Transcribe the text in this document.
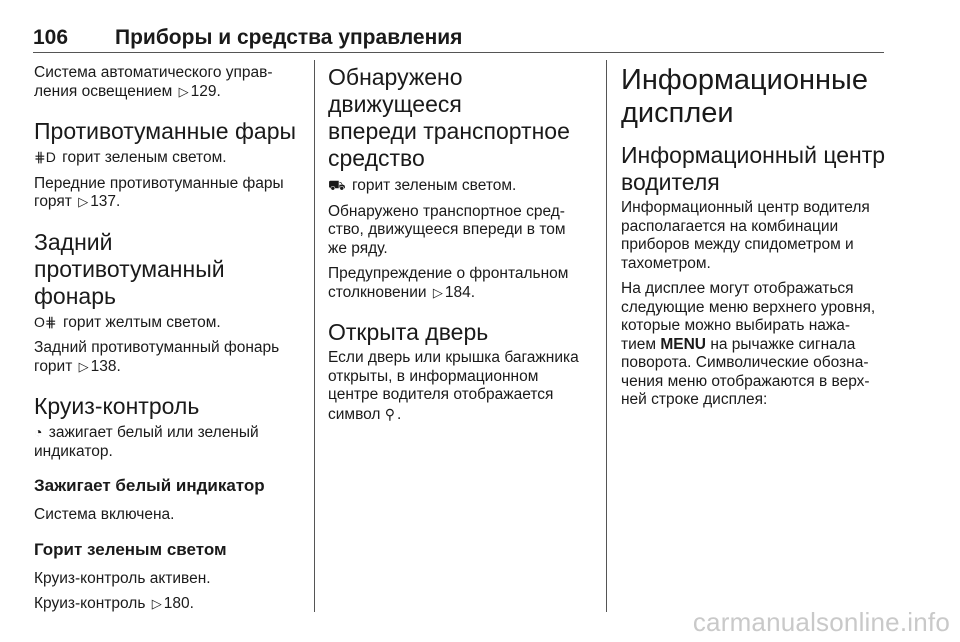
106 Приборы и средства управления

Система автоматического управ-
ления освещением ▷ 129.

Противотуманные фары

⋕D горит зеленым светом.

Передние противотуманные фары
горят ▷ 137.

Задний противотуманный
фонарь

O⋕ горит желтым светом.

Задний противотуманный фонарь
горит ▷ 138.

Круиз-контроль

◔ зажигает белый или зеленый
индикатор.

Зажигает белый индикатор

Система включена.

Горит зеленым светом

Круиз-контроль активен.

Круиз-контроль ▷ 180.

Обнаружено движущееся
впереди транспортное
средство

⛟ горит зеленым светом.

Обнаружено транспортное сред-
ство, движущееся впереди в том
же ряду.

Предупреждение о фронтальном
столкновении ▷ 184.

Открыта дверь

Если дверь или крышка багажника
открыты, в информационном
центре водителя отображается
символ ⚲ .

Информационные
дисплеи
Информационный центр
водителя

Информационный центр водителя
располагается на комбинации
приборов между спидометром и
тахометром.

На дисплее могут отображаться
следующие меню верхнего уровня,
которые можно выбирать нажа-
тием MENU на рычажке сигнала
поворота. Символические обозна-
чения меню отображаются в верх-
ней строке дисплея:

carmanualsonline.info
